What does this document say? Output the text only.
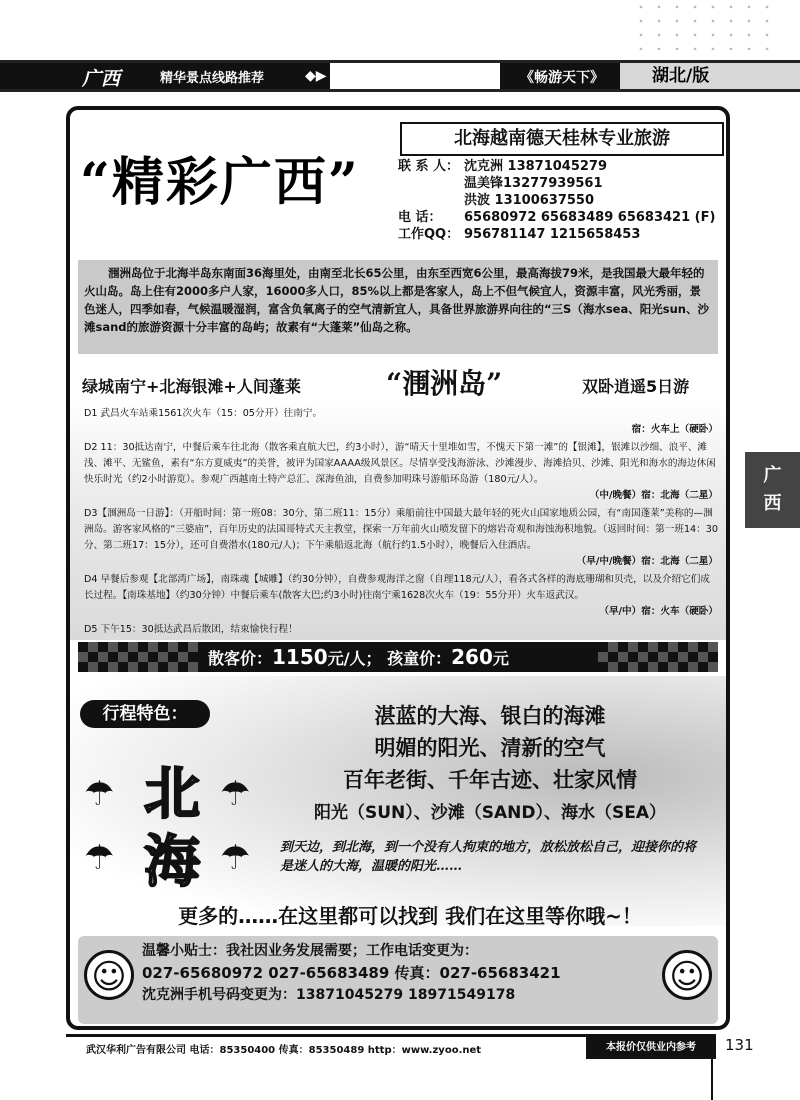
广西	精华景点线路推荐	◆▶	《畅游天下》	湖北/版
广
西
“精彩广西”
北海越南德天桂林专业旅游
联 系 人： 沈克洲 13871045279
温美锋13277939561
洪波 13100637550
电 话： 65680972 65683489 65683421 (F)
工作QQ： 956781147 1215658453
涠洲岛位于北海半岛东南面36海里处，由南至北长65公里，由东至西宽6公里，最高海拔79米，是我国最大最年轻的火山岛。岛上住有2000多户人家，16000多人口，85%以上都是客家人，岛上不但气候宜人，资源丰富，风光秀丽，景色迷人，四季如春，气候温暖湿润，富含负氧离子的空气清新宜人，具备世界旅游界向往的“三S（海水sea、阳光sun、沙滩sand的旅游资源十分丰富的岛屿；故素有“大蓬莱”仙岛之称。
绿城南宁+北海银滩+人间蓬莱	“涠洲岛”	双卧逍遥5日游
D1 武昌火车站乘1561次火车（15：05分开）往南宁。
宿：火车上（硬卧）
D2 11：30抵达南宁，中餐后乘车往北海（散客乘直航大巴，约3小时），游“晴天十里堆如雪，不愧天下第一滩”的【银滩】，银滩以沙细、浪平、滩浅、滩平、无鲨鱼，素有“东方夏威夷”的美誉，被评为国家AAAA级风景区。尽情享受浅海游泳、沙滩漫步、海滩拾贝、沙滩、阳光和海水的海边休闲快乐时光（约2小时游览）。参观广西越南土特产总汇、深海鱼油，自费参加明珠号游船环岛游（180元/人）。
（中/晚餐）宿：北海（二星）
D3【涠洲岛一日游】：（开船时间：第一班08：30分、第二班11：15分）乘船前往中国最大最年轻的死火山国家地质公园，有“南国蓬莱”美称的—涠洲岛。游客家风格的“三婆庙”，百年历史的法国哥特式天主教堂，探索一万年前火山喷发留下的熔岩奇观和海蚀海积地貌。（返回时间：第一班14：30分、第二班17：15分），还可自费潜水(180元/人)；下午乘船返北海（航行约1.5小时），晚餐后入住酒店。
（早/中/晚餐）宿：北海（二星）
D4 早餐后参观【北部湾广场】，南珠魂【城雕】（约30分钟），自费参观海洋之窗（自理118元/人），看各式各样的海底珊瑚和贝壳，以及介绍它们成长过程。【南珠基地】（约30分钟）中餐后乘车(散客大巴;约3小时)往南宁乘1628次火车（19：55分开）火车返武汉。
（早/中）宿：火车（硬卧）
D5 下午15：30抵达武昌后散团，结束愉快行程！
散客价：1150元/人； 孩童价：260元
行程特色：	湛蓝的大海、银白的海滩
明媚的阳光、清新的空气
百年老街、千年古迹、壮家风情
阳光（SUN）、沙滩（SAND）、海水（SEA）
到天边，到北海，到一个没有人拘束的地方，放松放松自己，迎接你的将是迷人的大海，温暖的阳光……
北
海
☂	☂
☂	☂
更多的……在这里都可以找到 我们在这里等你哦~！
☺	☺
温馨小贴士：我社因业务发展需要；工作电话变更为：
027-65680972 027-65683489 传真：027-65683421
沈克洲手机号码变更为：13871045279 18971549178
武汉华利广告有限公司 电话：85350400 传真：85350489 http：www.zyoo.net	本报价仅供业内参考	131
